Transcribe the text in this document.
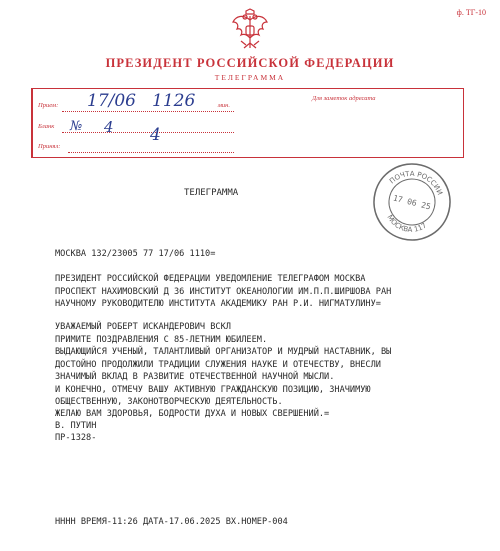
ф. ТГ-10
ПРЕЗИДЕНТ РОССИЙСКОЙ ФЕДЕРАЦИИ
ТЕЛЕГРАММА
Прием:	мин.
17/06 1126
Бланк № 4 4
Принял:
Для заметок адресата
ПОЧТА РОССИИ
МОСКВА 117
17 06 25
ТЕЛЕГРАММА
МОСКВА 132/23005 77 17/06 1110=
ПРЕЗИДЕНТ РОССИЙСКОЙ ФЕДЕРАЦИИ УВЕДОМЛЕНИЕ ТЕЛЕГРАФОМ МОСКВА
ПРОСПЕКТ НАХИМОВСКИЙ Д 36 ИНСТИТУТ ОКЕАНОЛОГИИ ИМ.П.П.ШИРШОВА РАН
НАУЧНОМУ РУКОВОДИТЕЛЮ ИНСТИТУТА АКАДЕМИКУ РАН Р.И. НИГМАТУЛИНУ=
УВАЖАЕМЫЙ РОБЕРТ ИСКАНДЕРОВИЧ ВСКЛ
ПРИМИТЕ ПОЗДРАВЛЕНИЯ С 85-ЛЕТНИМ ЮБИЛЕЕМ.
ВЫДАЮЩИЙСЯ УЧЕНЫЙ, ТАЛАНТЛИВЫЙ ОРГАНИЗАТОР И МУДРЫЙ НАСТАВНИК, ВЫ
ДОСТОЙНО ПРОДОЛЖИЛИ ТРАДИЦИИ СЛУЖЕНИЯ НАУКЕ И ОТЕЧЕСТВУ, ВНЕСЛИ
ЗНАЧИМЫЙ ВКЛАД В РАЗВИТИЕ ОТЕЧЕСТВЕННОЙ НАУЧНОЙ МЫСЛИ.
И КОНЕЧНО, ОТМЕЧУ ВАШУ АКТИВНУЮ ГРАЖДАНСКУЮ ПОЗИЦИЮ, ЗНАЧИМУЮ
ОБЩЕСТВЕННУЮ, ЗАКОНОТВОРЧЕСКУЮ ДЕЯТЕЛЬНОСТЬ.
ЖЕЛАЮ ВАМ ЗДОРОВЬЯ, БОДРОСТИ ДУХА И НОВЫХ СВЕРШЕНИЙ.=
В. ПУТИН
ПР-1328-
НННН ВРЕМЯ-11:26 ДАТА-17.06.2025 ВХ.НОМЕР-004
